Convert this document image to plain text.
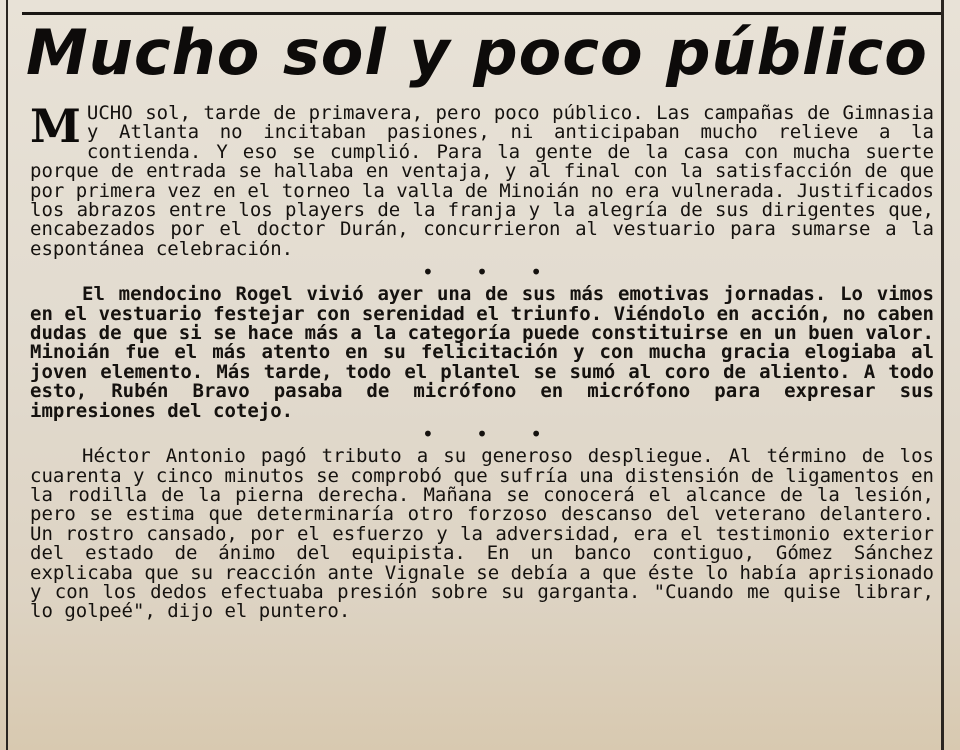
Mucho sol y poco público

MUCHO sol, tarde de primavera, pero poco público. Las campañas de Gimnasia y Atlanta no incitaban pasiones, ni anticipaban mucho relieve a la contienda. Y eso se cumplió. Para la gente de la casa con mucha suerte porque de entrada se hallaba en ventaja, y al final con la satisfacción de que por primera vez en el torneo la valla de Minoián no era vulnerada. Justificados los abrazos entre los players de la franja y la alegría de sus dirigentes que, encabezados por el doctor Durán, concurrieron al vestuario para sumarse a la espontánea celebración.

• • •

El mendocino Rogel vivió ayer una de sus más emotivas jornadas. Lo vimos en el vestuario festejar con serenidad el triunfo. Viéndolo en acción, no caben dudas de que si se hace más a la categoría puede constituirse en un buen valor. Minoián fue el más atento en su felicitación y con mucha gracia elogiaba al joven elemento. Más tarde, todo el plantel se sumó al coro de aliento. A todo esto, Rubén Bravo pasaba de micrófono en micrófono para expresar sus impresiones del cotejo.

• • •

Héctor Antonio pagó tributo a su generoso despliegue. Al término de los cuarenta y cinco minutos se comprobó que sufría una distensión de ligamentos en la rodilla de la pierna derecha. Mañana se conocerá el alcance de la lesión, pero se estima que determinaría otro forzoso descanso del veterano delantero. Un rostro cansado, por el esfuerzo y la adversidad, era el testimonio exterior del estado de ánimo del equipista. En un banco contiguo, Gómez Sánchez explicaba que su reacción ante Vignale se debía a que éste lo había aprisionado y con los dedos efectuaba presión sobre su garganta. "Cuando me quise librar, lo golpeé", dijo el puntero.
